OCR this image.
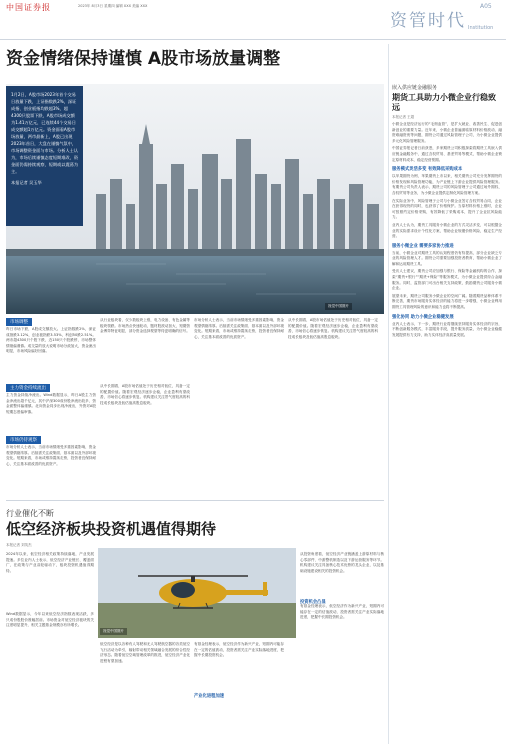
中国证券报	2023年 8月3日 星期四 编辑 XXX 美编 XXX	A05
资管时代 Institution
资金情绪保持谨慎 A股市场放量调整
1月2日，A股市场2023年首个交易日放量下跌，上证指数跌2%，深证成指、创业板指均跌超3%，超4300只股票下跌，A股市场成交额为1.41万亿元，已连续44个交易日成交额超1万亿元。资金面看A股市场放量，两市最新上，A股已出现2023年首日，大盘在谨慎气氛中，市场调整资金面与市场。分析人士认为，市场后续谨慎态度短期难改，资金面仍需持续观察，短期或以震荡为主。
本报记者 吴玉华
视觉中国图片
市场调整
昨日市场下跌，A股成交额放大。上证指数跌2%，深证成指跌3.12%，创业板指跌3.53%，科创50跌2.51%。两市超4300只个股下跌，近150只个股跌停，市场整体情绪偏谨慎。成交量的放大说明市场分歧加大，资金流出明显，市场风险偏好回落。
从行业板块看，仅少数板块上涨，电力设备、有色金属等板块领跌。市场热点快速轮动，题材股波动加大，短期资金博弈特征明显，部分资金选择观望等待更明确的信号。
市场分析人士表示，当前市场情绪受多重因素影响，资金观望情绪浓厚。后续需关注政策面、基本面以及外部环境变化。短期来看，市场或维持震荡走势，投资者宜保持耐心，关注基本面改善的优质资产。
从中长期看，A股市场估值处于历史相对低位，具备一定的配置价值。随着宏观经济逐步企稳，企业盈利有望改善，市场信心将逐步恢复。机构建议关注景气度较高的科技成长板块及低估值高股息板块。
主力资金持续流出
主力资金持续净流出。Wind数据显示，昨日A股主力资金净流出超千亿元，其中沪深300成份股净流出较多，资金面整体偏谨慎。北向资金同步出现净流出，外资对A股短期态度偏审慎。
市场仍待观察
市场分析人士表示，当前市场情绪受多重因素影响，资金观望情绪浓厚。后续需关注政策面、基本面以及外部环境变化。短期来看，市场或维持震荡走势，投资者宜保持耐心，关注基本面改善的优质资产。
从中长期看，A股市场估值处于历史相对低位，具备一定的配置价值。随着宏观经济逐步企稳，企业盈利有望改善，市场信心将逐步恢复。机构建议关注景气度较高的科技成长板块及低估值高股息板块。
嵌入供应链金融服务
期货工具助力小微企业行稳致远
本报记者 王超
小微企业是经济运行的“毛细血管”，是扩大就业、改善民生、促进创新创业的重要力量。近年来，小微企业普遍面临原材料价格波动、融资难融资贵等问题，期货公司通过风险管理子公司，为小微企业提供多元化风险管理服务。
中国证券报记者日前获悉，多家期货公司积极探索将期货工具嵌入供应链金融服务中，通过含权贸易、基差贸易等模式，帮助小微企业锁定原材料成本，稳定经营预期。
服务模式灵活多变 有效降低采购成本
以苹果期货为例，苹果期货上市以来，相关期货公司充分发挥期货的价格发现和风险管理功能，为产业链上下游企业提供风险管理服务。有期货公司负责人表示，期货公司的风险管理子公司通过场外期权、含权贸易等业务，为小微企业提供定制化风险管理方案。
在实际业务中，风险管理子公司与小微企业签订含权贸易合同，企业在获得现货的同时，也获得了价格保护。当原材料价格上涨时，企业可按照约定价格采购，有效降低了采购成本，提升了企业抗风险能力。
业内人士认为，期货工具服务小微企业的方式灵活多变，可以根据企业的实际需求设计个性化方案，帮助企业规避价格风险，稳定生产经营。
服务小微企业 需要多家协力推进
当前，小微企业对期货工具的认知程度仍有待提高，部分企业缺乏专业的风险管理人才。期货公司需要加强投资者教育，帮助小微企业了解和运用期货工具。
受访人士建议，期货公司应加强与银行、保险等金融机构的合作，探索“期货+银行”“期货+保险”等服务模式，为小微企业提供综合金融服务。同时，监管部门可出台相关支持政策，鼓励期货公司服务小微企业。
展望未来，期货公司服务小微企业的空间广阔。随着期货品种体系不断完善，期货市场服务实体经济的能力将进一步增强，小微企业利用期货工具管理风险的意识和能力也将不断提高。
强化协同 助力小微企业稳健发展
业内人士表示，下一步，期货行业将继续坚持服务实体经济的宗旨，不断创新服务模式，丰富服务手段，提升服务质量，为小微企业稳健发展提供有力支持，助力实体经济高质量发展。
行业催化不断
低空经济板块投资机遇值得期待
本报记者 刘英杰
2024年以来，低空经济相关政策持续落地，产业发展提速。多位业内人士表示，低空经济产业链长、覆盖面广，在政策与产业双轮驱动下，板块投资机遇值得期待。
Wind数据显示，今年以来低空经济指数表现活跃，多只成份股股价涨幅居前。市场资金对低空经济板块的关注度明显提升，相关主题基金规模亦有所增长。
视觉中国图片
低空经济是以各种有人驾驶和无人驾驶航空器的各类低空飞行活动为牵引，辐射带动相关领域融合发展的综合性经济形态。随着低空空域管理改革的推进，低空经济产业化进程有望加速。
有基金经理表示，低空经济作为新兴产业，短期内可能存在一定的估值波动，投资者需关注产业实际落地进度，把握中长期投资机会。
从投资角度看，低空经济产业链涵盖上游原材料与核心零部件、中游整机制造以及下游运营服务等环节。机构建议关注具备核心技术优势的龙头企业，以及基础设施建设相关的投资机会。
投资机会凸显
有基金经理表示，低空经济作为新兴产业，短期内可能存在一定的估值波动，投资者需关注产业实际落地进度，把握中长期投资机会。
产业化进程加速
